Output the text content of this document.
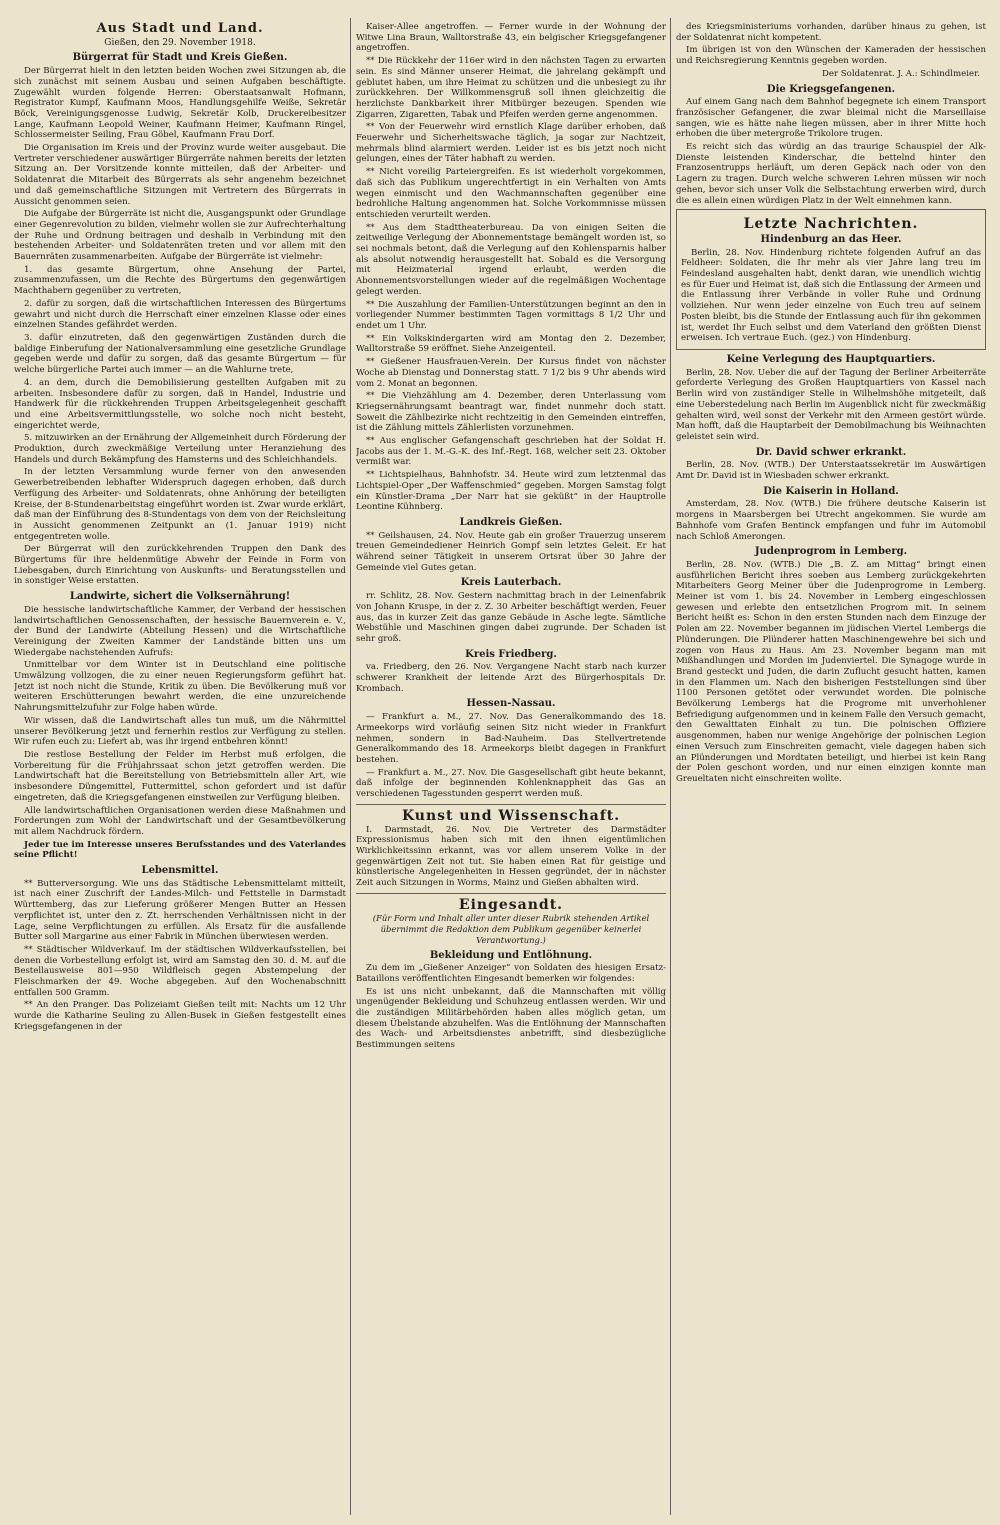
Aus Stadt und Land.
Gießen, den 29. November 1918.
Bürgerrat für Stadt und Kreis Gießen.

Der Bürgerrat hielt in den letzten beiden Wochen zwei Sitzungen ab, die sich zunächst mit seinem Ausbau und seinen Aufgaben beschäftigte. Zugewählt wurden folgende Herren: Oberstaatsanwalt Hofmann, Registrator Kumpf, Kaufmann Moos, Handlungsgehilfe Weiße, Sekretär Böck, Vereinigungsgenosse Ludwig, Sekretär Kolb, Druckereibesitzer Lange, Kaufmann Leopold Weiner, Kaufmann Heimer, Kaufmann Ringel, Schlossermeister Seiling, Frau Göbel, Kaufmann Frau Dorf.

Die Organisation im Kreis und der Provinz wurde weiter ausgebaut. Die Vertreter verschiedener auswärtiger Bürgerräte nahmen bereits der letzten Sitzung an. Der Vorsitzende konnte mitteilen, daß der Arbeiter- und Soldatenrat die Mitarbeit des Bürgerrats als sehr angenehm bezeichnet und daß gemeinschaftliche Sitzungen mit Vertretern des Bürgerrats in Aussicht genommen seien.

Die Aufgabe der Bürgerräte ist nicht die, Ausgangspunkt oder Grundlage einer Gegenrevolution zu bilden, vielmehr wollen sie zur Aufrechterhaltung der Ruhe und Ordnung beitragen und deshalb in Verbindung mit den bestehenden Arbeiter- und Soldatenräten treten und vor allem mit den Bauernräten zusammenarbeiten. Aufgabe der Bürgerräte ist vielmehr:

1. das gesamte Bürgertum, ohne Ansehung der Partei, zusammenzufassen, um die Rechte des Bürgertums den gegenwärtigen Machthabern gegenüber zu vertreten,

2. dafür zu sorgen, daß die wirtschaftlichen Interessen des Bürgertums gewahrt und nicht durch die Herrschaft einer einzelnen Klasse oder eines einzelnen Standes gefährdet werden.

3. dafür einzutreten, daß den gegenwärtigen Zuständen durch die baldige Einberufung der Nationalversammlung eine gesetzliche Grundlage gegeben werde und dafür zu sorgen, daß das gesamte Bürgertum — für welche bürgerliche Partei auch immer — an die Wahlurne trete,

4. an dem, durch die Demobilisierung gestellten Aufgaben mit zu arbeiten. Insbesondere dafür zu sorgen, daß in Handel, Industrie und Handwerk für die rückkehrenden Truppen Arbeitsgelegenheit geschafft und eine Arbeitsvermittlungsstelle, wo solche noch nicht besteht, eingerichtet werde,

5. mitzuwirken an der Ernährung der Allgemeinheit durch Förderung der Produktion, durch zweckmäßige Verteilung unter Heranziehung des Handels und durch Bekämpfung des Hamsterns und des Schleichhandels.

In der letzten Versammlung wurde ferner von den anwesenden Gewerbetreibenden lebhafter Widerspruch dagegen erhoben, daß durch Verfügung des Arbeiter- und Soldatenrats, ohne Anhörung der beteiligten Kreise, der 8-Stundenarbeitstag eingeführt worden ist. Zwar wurde erklärt, daß man der Einführung des 8-Stundentags von dem von der Reichsleitung in Aussicht genommenen Zeitpunkt an (1. Januar 1919) nicht entgegentreten wolle.

Der Bürgerrat will den zurückkehrenden Truppen den Dank des Bürgertums für ihre heldenmütige Abwehr der Feinde in Form von Liebesgaben, durch Einrichtung von Auskunfts- und Beratungsstellen und in sonstiger Weise erstatten.

Landwirte, sichert die Volksernährung!

Die hessische landwirtschaftliche Kammer, der Verband der hessischen landwirtschaftlichen Genossenschaften, der hessische Bauernverein e. V., der Bund der Landwirte (Abteilung Hessen) und die Wirtschaftliche Vereinigung der Zweiten Kammer der Landstände bitten uns um Wiedergabe nachstehenden Aufrufs:

Unmittelbar vor dem Winter ist in Deutschland eine politische Umwälzung vollzogen, die zu einer neuen Regierungsform geführt hat. Jetzt ist noch nicht die Stunde, Kritik zu üben. Die Bevölkerung muß vor weiteren Erschütterungen bewahrt werden, die eine unzureichende Nahrungsmittelzufuhr zur Folge haben würde.

Wir wissen, daß die Landwirtschaft alles tun muß, um die Nährmittel unserer Bevölkerung jetzt und fernerhin restlos zur Verfügung zu stellen. Wir rufen euch zu: Liefert ab, was ihr irgend entbehren könnt!

Die restlose Bestellung der Felder im Herbst muß erfolgen, die Vorbereitung für die Frühjahrssaat schon jetzt getroffen werden. Die Landwirtschaft hat die Bereitstellung von Betriebsmitteln aller Art, wie insbesondere Düngemittel, Futtermittel, schon gefordert und ist dafür eingetreten, daß die Kriegsgefangenen einstweilen zur Verfügung bleiben.

Alle landwirtschaftlichen Organisationen werden diese Maßnahmen und Forderungen zum Wohl der Landwirtschaft und der Gesamtbevölkerung mit allem Nachdruck fördern.

Jeder tue im Interesse unseres Berufsstandes und des Vaterlandes seine Pflicht!

Lebensmittel.

** Butterversorgung. Wie uns das Städtische Lebensmittelamt mitteilt, ist nach einer Zuschrift der Landes-Milch- und Fettstelle in Darmstadt Württemberg, das zur Lieferung größerer Mengen Butter an Hessen verpflichtet ist, unter den z. Zt. herrschenden Verhältnissen nicht in der Lage, seine Verpflichtungen zu erfüllen. Als Ersatz für die ausfallende Butter soll Margarine aus einer Fabrik in München überwiesen werden.

** Städtischer Wildverkauf. Im der städtischen Wildverkaufsstellen, bei denen die Vorbestellung erfolgt ist, wird am Samstag den 30. d. M. auf die Bestellausweise 801—950 Wildfleisch gegen Abstempelung der Fleischmarken der 49. Woche abgegeben. Auf den Wochenabschnitt entfallen 500 Gramm.

** An den Pranger. Das Polizeiamt Gießen teilt mit: Nachts um 12 Uhr wurde die Katharine Seuling zu Allen-Busek in Gießen festgestellt eines Kriegsgefangenen in der

Kaiser-Allee angetroffen. — Ferner wurde in der Wohnung der Witwe Lina Braun, Walltorstraße 43, ein belgischer Kriegsgefangener angetroffen.

** Die Rückkehr der 116er wird in den nächsten Tagen zu erwarten sein. Es sind Männer unserer Heimat, die jahrelang gekämpft und geblutet haben, um ihre Heimat zu schützen und die unbesiegt zu ihr zurückkehren. Der Willkommensgruß soll ihnen gleichzeitig die herzlichste Dankbarkeit ihrer Mitbürger bezeugen. Spenden wie Zigarren, Zigaretten, Tabak und Pfeifen werden gerne angenommen.

** Von der Feuerwehr wird ernstlich Klage darüber erhoben, daß Feuerwehr und Sicherheitswache täglich, ja sogar zur Nachtzeit, mehrmals blind alarmiert werden. Leider ist es bis jetzt noch nicht gelungen, eines der Täter habhaft zu werden.

** Nicht voreilig Parteiergreifen. Es ist wiederholt vorgekommen, daß sich das Publikum ungerechtfertigt in ein Verhalten von Amts wegen einmischt und den Wachmannschaften gegenüber eine bedrohliche Haltung angenommen hat. Solche Vorkommnisse müssen entschieden verurteilt werden.

** Aus dem Stadttheaterbureau. Da von einigen Seiten die zeitweilige Verlegung der Abonnementstage bemängelt worden ist, so sei nochmals betont, daß die Verlegung auf den Kohlensparnis halber als absolut notwendig herausgestellt hat. Sobald es die Versorgung mit Heizmaterial irgend erlaubt, werden die Abonnementsvorstellungen wieder auf die regelmäßigen Wochentage gelegt werden.

** Die Auszahlung der Familien-Unterstützungen beginnt an den in vorliegender Nummer bestimmten Tagen vormittags 8 1/2 Uhr und endet um 1 Uhr.

** Ein Volkskindergarten wird am Montag den 2. Dezember, Walltorstraße 59 eröffnet. Siehe Anzeigenteil.

** Gießener Hausfrauen-Verein. Der Kursus findet von nächster Woche ab Dienstag und Donnerstag statt. 7 1/2 bis 9 Uhr abends wird vom 2. Monat an begonnen.

** Die Viehzählung am 4. Dezember, deren Unterlassung vom Kriegsernährungsamt beantragt war, findet nunmehr doch statt. Soweit die Zählbezirke nicht rechtzeitig in den Gemeinden eintreffen, ist die Zählung mittels Zählerlisten vorzunehmen.

** Aus englischer Gefangenschaft geschrieben hat der Soldat H. Jacobs aus der 1. M.-G.-K. des Inf.-Regt. 168, welcher seit 23. Oktober vermißt war.

** Lichtspielhaus, Bahnhofstr. 34. Heute wird zum letztenmal das Lichtspiel-Oper „Der Waffenschmied“ gegeben. Morgen Samstag folgt ein Künstler-Drama „Der Narr hat sie geküßt“ in der Hauptrolle Leontine Kühnberg.

Landkreis Gießen.

** Geilshausen, 24. Nov. Heute gab ein großer Trauerzug unserem treuen Gemeindediener Heinrich Gompf sein letztes Geleit. Er hat während seiner Tätigkeit in unserem Ortsrat über 30 Jahre der Gemeinde viel Gutes getan.

Kreis Lauterbach.

rr. Schlitz, 28. Nov. Gestern nachmittag brach in der Leinenfabrik von Johann Kruspe, in der z. Z. 30 Arbeiter beschäftigt werden, Feuer aus, das in kurzer Zeit das ganze Gebäude in Asche legte. Sämtliche Webstühle und Maschinen gingen dabei zugrunde. Der Schaden ist sehr groß.

Kreis Friedberg.

va. Friedberg, den 26. Nov. Vergangene Nacht starb nach kurzer schwerer Krankheit der leitende Arzt des Bürgerhospitals Dr. Krombach.

Hessen-Nassau.

— Frankfurt a. M., 27. Nov. Das Generalkommando des 18. Armeekorps wird vorläufig seinen Sitz nicht wieder in Frankfurt nehmen, sondern in Bad-Nauheim. Das Stellvertretende Generalkommando des 18. Armeekorps bleibt dagegen in Frankfurt bestehen.

— Frankfurt a. M., 27. Nov. Die Gasgesellschaft gibt heute bekannt, daß infolge der beginnenden Kohlenknappheit das Gas an verschiedenen Tagesstunden gesperrt werden muß.

Kunst und Wissenschaft.

I. Darmstadt, 26. Nov. Die Vertreter des Darmstädter Expressionismus haben sich mit den ihnen eigentümlichen Wirklichkeitssinn erkannt, was vor allem unserem Volke in der gegenwärtigen Zeit not tut. Sie haben einen Rat für geistige und künstlerische Angelegenheiten in Hessen gegründet, der in nächster Zeit auch Sitzungen in Worms, Mainz und Gießen abhalten wird.

Eingesandt.
(Für Form und Inhalt aller unter dieser Rubrik stehenden Artikel übernimmt die Redaktion dem Publikum gegenüber keinerlei Verantwortung.)
Bekleidung und Entlöhnung.

Zu dem im „Gießener Anzeiger“ von Soldaten des hiesigen Ersatz-Bataillons veröffentlichten Eingesandt bemerken wir folgendes:

Es ist uns nicht unbekannt, daß die Mannschaften mit völlig ungenügender Bekleidung und Schuhzeug entlassen werden. Wir und die zuständigen Militärbehörden haben alles möglich getan, um diesem Übelstande abzuhelfen. Was die Entlöhnung der Mannschaften des Wach- und Arbeitsdienstes anbetrifft, sind diesbezügliche Bestimmungen seitens

des Kriegsministeriums vorhanden, darüber hinaus zu gehen, ist der Soldatenrat nicht kompetent.

Im übrigen ist von den Wünschen der Kameraden der hessischen und Reichsregierung Kenntnis gegeben worden.

Der Soldatenrat. J. A.: Schindlmeier.
Die Kriegsgefangenen.

Auf einem Gang nach dem Bahnhof begegnete ich einem Transport französischer Gefangener, die zwar bleimal nicht die Marseillaise sangen, wie es hätte nahe liegen müssen, aber in ihrer Mitte hoch erhoben die über metergroße Trikolore trugen.

Es reicht sich das würdig an das traurige Schauspiel der Alk-Dienste leistenden Kinderschar, die bettelnd hinter den Franzosentrupps herläuft, um deren Gepäck nach oder von den Lagern zu tragen. Durch welche schweren Lehren müssen wir noch gehen, bevor sich unser Volk die Selbstachtung erwerben wird, durch die es allein einen würdigen Platz in der Welt einnehmen kann.

Letzte Nachrichten.
Hindenburg an das Heer.

Berlin, 28. Nov. Hindenburg richtete folgenden Aufruf an das Feldheer: Soldaten, die Ihr mehr als vier Jahre lang treu im Feindesland ausgehalten habt, denkt daran, wie unendlich wichtig es für Euer und Heimat ist, daß sich die Entlassung der Armeen und die Entlassung ihrer Verbände in voller Ruhe und Ordnung vollziehen. Nur wenn jeder einzelne von Euch treu auf seinem Posten bleibt, bis die Stunde der Entlassung auch für ihn gekommen ist, werdet Ihr Euch selbst und dem Vaterland den größten Dienst erweisen. Ich vertraue Euch. (gez.) von Hindenburg.

Keine Verlegung des Hauptquartiers.

Berlin, 28. Nov. Ueber die auf der Tagung der Berliner Arbeiterräte geforderte Verlegung des Großen Hauptquartiers von Kassel nach Berlin wird von zuständiger Stelle in Wilhelmshöhe mitgeteilt, daß eine Ueberstedelung nach Berlin im Augenblick nicht für zweckmäßig gehalten wird, weil sonst der Verkehr mit den Armeen gestört würde. Man hofft, daß die Hauptarbeit der Demobilmachung bis Weihnachten geleistet sein wird.

Dr. David schwer erkrankt.

Berlin, 28. Nov. (WTB.) Der Unterstaatssekretär im Auswärtigen Amt Dr. David ist in Wiesbaden schwer erkrankt.

Die Kaiserin in Holland.

Amsterdam, 28. Nov. (WTB.) Die frühere deutsche Kaiserin ist morgens in Maarsbergen bei Utrecht angekommen. Sie wurde am Bahnhofe vom Grafen Bentinck empfangen und fuhr im Automobil nach Schloß Amerongen.

Judenprogrom in Lemberg.

Berlin, 28. Nov. (WTB.) Die „B. Z. am Mittag“ bringt einen ausführlichen Bericht ihres soeben aus Lemberg zurückgekehrten Mitarbeiters Georg Meiner über die Judenprogrome in Lemberg. Meiner ist vom 1. bis 24. November in Lemberg eingeschlossen gewesen und erlebte den entsetzlichen Progrom mit. In seinem Bericht heißt es: Schon in den ersten Stunden nach dem Einzuge der Polen am 22. November begannen im jüdischen Viertel Lembergs die Plünderungen. Die Plünderer hatten Maschinengewehre bei sich und zogen von Haus zu Haus. Am 23. November begann man mit Mißhandlungen und Morden im Judenviertel. Die Synagoge wurde in Brand gesteckt und Juden, die darin Zuflucht gesucht hatten, kamen in den Flammen um. Nach den bisherigen Feststellungen sind über 1100 Personen getötet oder verwundet worden. Die polnische Bevölkerung Lembergs hat die Progrome mit unverhohlener Befriedigung aufgenommen und in keinem Falle den Versuch gemacht, den Gewalttaten Einhalt zu tun. Die polnischen Offiziere ausgenommen, haben nur wenige Angehörige der polnischen Legion einen Versuch zum Einschreiten gemacht, viele dagegen haben sich an Plünderungen und Mordtaten beteiligt, und hierbei ist kein Rang der Polen geschont worden, und nur einen einzigen konnte man Greueltaten nicht einschreiten wollte.
